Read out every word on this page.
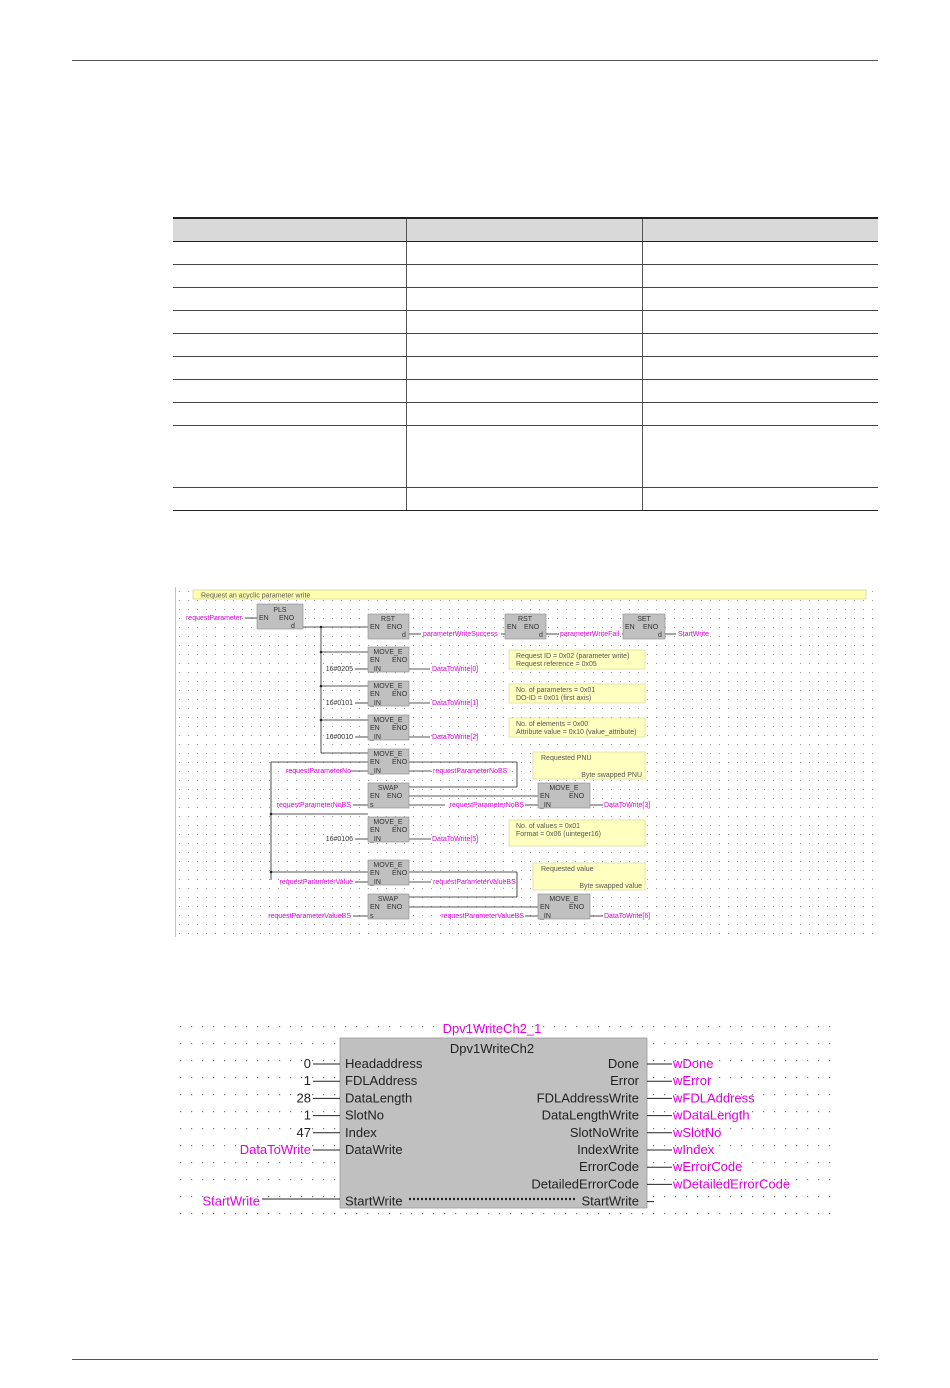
Request an acyclic parameter write
PLS
EN ENO
d
requestParameter	RST
EN ENO
d parameterWriteSuccess
RST
EN ENO
d parameterWriteFail
SET
EN ENO
d StartWrite
MOVE_E
EN ENO
_IN
16#0205	DataToWrite[0]
MOVE_E
EN ENO
_IN
16#0101	DataToWrite[1]
MOVE_E
EN ENO
_IN
16#0010	DataToWrite[2]
MOVE_E
EN ENO
_IN
requestParameterNo	requestParameterNoBS
SWAP
EN ENO
s
requestParameterNoBS	requestParameterNoBS
MOVE_E
EN	ENO
_IN	DataToWrite[3]
MOVE_E
EN ENO
_IN
16#0106	DataToWrite[5]
MOVE_E
EN ENO
_IN
requestParameterValue	requestParameterValueBS
SWAP
EN ENO
s
requestParameterValueBS	requestParameterValueBS
MOVE_E
EN	ENO
_IN	DataToWrite[6]
Request ID = 0x02 (parameter write)
Request reference = 0x05
No. of parameters = 0x01
DO-ID = 0x01 (first axis)
No. of elements = 0x00
Attribute value = 0x10 (value_attribute)
Requested PNU
Byte swapped PNU
No. of values = 0x01
Format = 0x06 (uinteger16)
Requested value
Byte swapped value
Dpv1WriteCh2_1
Dpv1WriteCh2
Headaddress
0
FDLAddress
1
DataLength
28
SlotNo
1
Index
47
DataWrite
DataToWrite
StartWrite
StartWrite
Done	wDone
Error	wError
FDLAddressWrite	wFDLAddress
DataLengthWrite	wDataLength
SlotNoWrite	wSlotNo
IndexWrite	wIndex
ErrorCode	wErrorCode
DetailedErrorCode	wDetailedErrorCode
StartWrite
